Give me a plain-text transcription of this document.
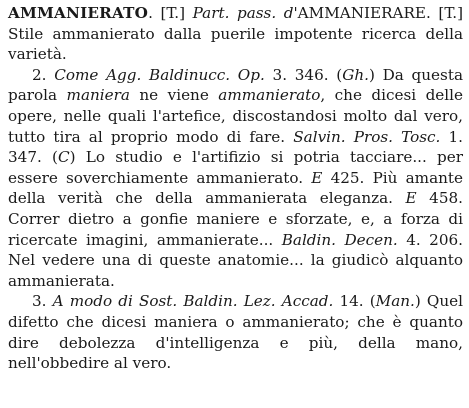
AMMANIERATO. [T.] Part. pass. d'AMMANIERARE. [T.] Stile ammanierato dalla puerile impotente ricerca della varietà.

2. Come Agg. Baldinucc. Op. 3. 346. (Gh.) Da questa parola maniera ne viene ammanierato, che dicesi delle opere, nelle quali l'artefice, discostandosi molto dal vero, tutto tira al proprio modo di fare. Salvin. Pros. Tosc. 1. 347. (C) Lo studio e l'artifizio si potria tacciare... per essere soverchiamente ammanierato. E 425. Più amante della verità che della ammanierata eleganza. E 458. Correr dietro a gonfie maniere e sforzate, e, a forza di ricercate imagini, ammanierate... Baldin. Decen. 4. 206. Nel vedere una di queste anatomie... la giudicò alquanto ammanierata.

3. A modo di Sost. Baldin. Lez. Accad. 14. (Man.) Quel difetto che dicesi maniera o ammanierato; che è quanto dire debolezza d'intelligenza e più, della mano, nell'obbedire al vero.
